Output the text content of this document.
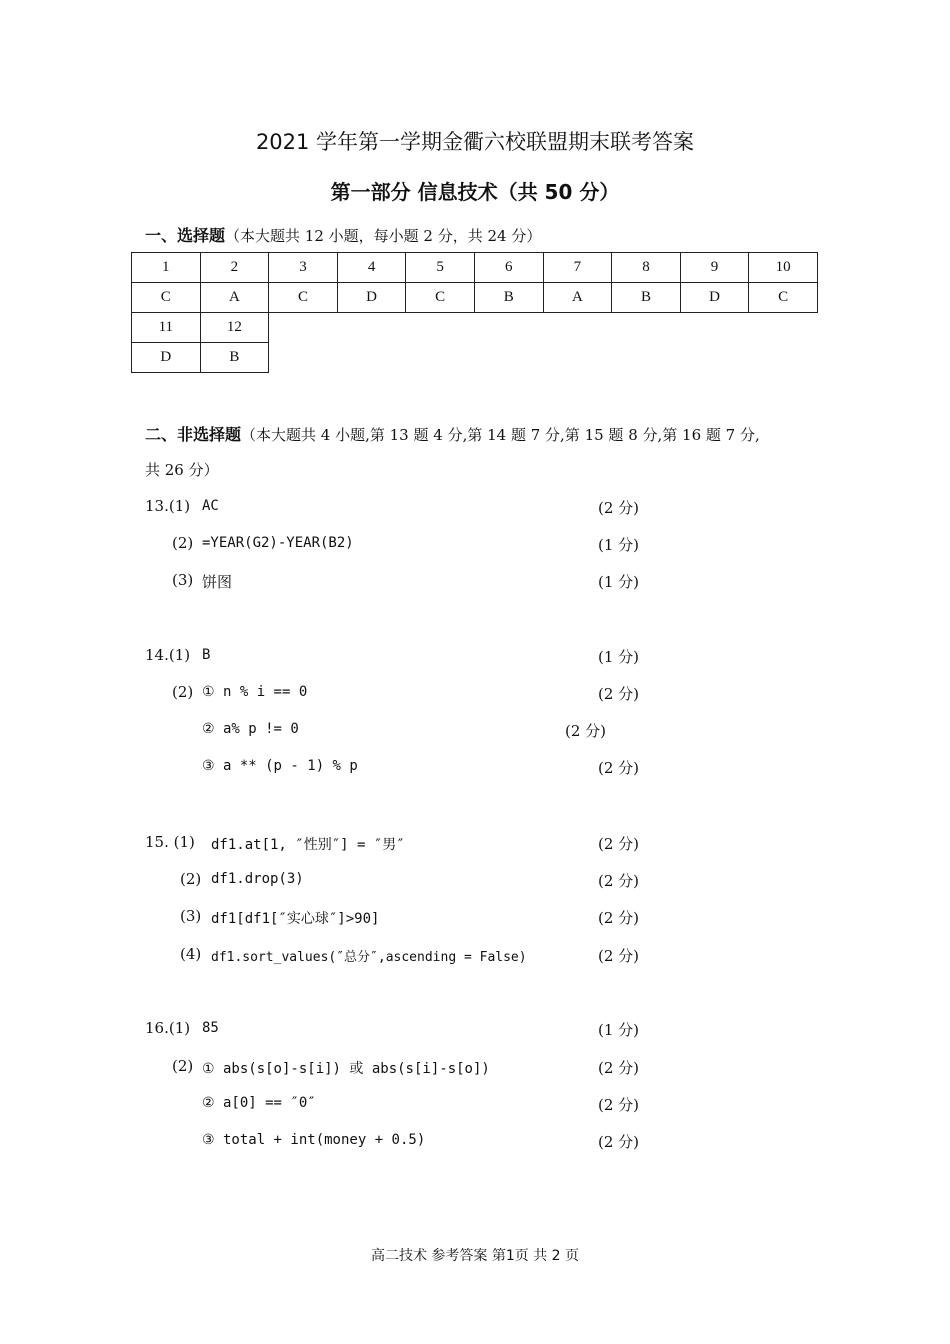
2021 学年第一学期金衢六校联盟期末联考答案
第一部分 信息技术（共 50 分）
一、选择题（本大题共 12 小题，每小题 2 分，共 24 分）
1	2	3	4	5	6	7	8	9	10
C	A	C	D	C	B	A	B	D	C
11	12								
D	B								
二、非选择题（本大题共 4 小题,第 13 题 4 分,第 14 题 7 分,第 15 题 8 分,第 16 题 7 分,
共 26 分）
13.(1) AC	(2 分)
(2) =YEAR(G2)-YEAR(B2)	(1 分)
(3) 饼图	(1 分)
14.(1) B	(1 分)
(2) ① n % i == 0	(2 分)
② a% p != 0	(2 分)
③ a ** (p - 1) % p	(2 分)
15. (1) df1.at[1, ″性别″] = ″男″	(2 分)
(2) df1.drop(3)	(2 分)
(3) df1[df1[″实心球″]>90]	(2 分)
(4) df1.sort_values(″总分″,ascending = False)	(2 分)
16.(1) 85	(1 分)
(2) ① abs(s[o]-s[i]) 或 abs(s[i]-s[o])	(2 分)
② a[0] == ″0″	(2 分)
③ total + int(money + 0.5)	(2 分)
高二技术 参考答案 第1页 共 2 页
